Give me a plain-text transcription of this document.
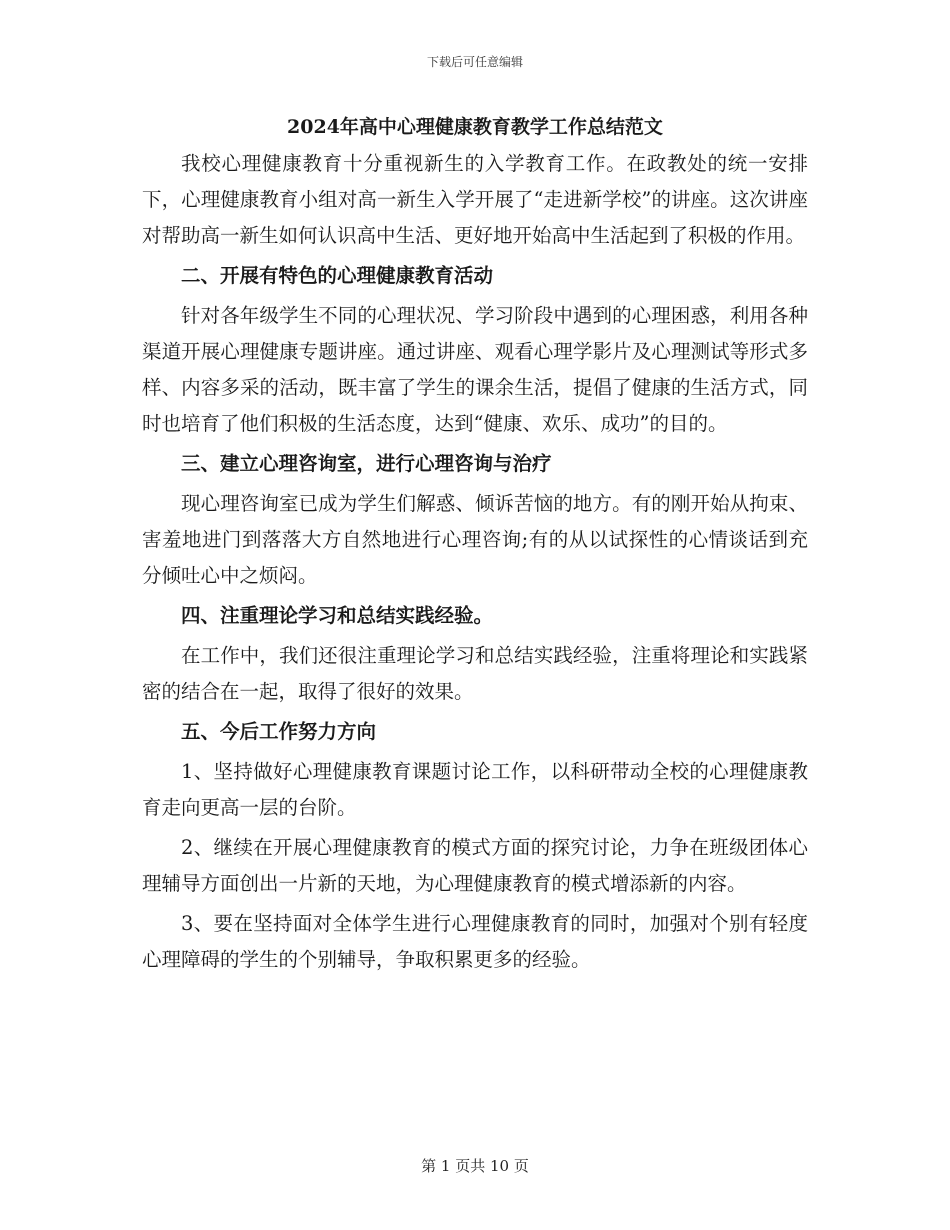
下载后可任意编辑
2024年高中心理健康教育教学工作总结范文

我校心理健康教育十分重视新生的入学教育工作。在政教处的统一安排下，心理健康教育小组对高一新生入学开展了“走进新学校”的讲座。这次讲座对帮助高一新生如何认识高中生活、更好地开始高中生活起到了积极的作用。

二、开展有特色的心理健康教育活动

针对各年级学生不同的心理状况、学习阶段中遇到的心理困惑，利用各种渠道开展心理健康专题讲座。通过讲座、观看心理学影片及心理测试等形式多样、内容多采的活动，既丰富了学生的课余生活，提倡了健康的生活方式，同时也培育了他们积极的生活态度，达到“健康、欢乐、成功”的目的。

三、建立心理咨询室，进行心理咨询与治疗

现心理咨询室已成为学生们解惑、倾诉苦恼的地方。有的刚开始从拘束、害羞地进门到落落大方自然地进行心理咨询;有的从以试探性的心情谈话到充分倾吐心中之烦闷。

四、注重理论学习和总结实践经验。

在工作中，我们还很注重理论学习和总结实践经验，注重将理论和实践紧密的结合在一起，取得了很好的效果。

五、今后工作努力方向

1、坚持做好心理健康教育课题讨论工作，以科研带动全校的心理健康教育走向更高一层的台阶。

2、继续在开展心理健康教育的模式方面的探究讨论，力争在班级团体心理辅导方面创出一片新的天地，为心理健康教育的模式增添新的内容。

3、要在坚持面对全体学生进行心理健康教育的同时，加强对个别有轻度心理障碍的学生的个别辅导，争取积累更多的经验。

第 1 页共 10 页
